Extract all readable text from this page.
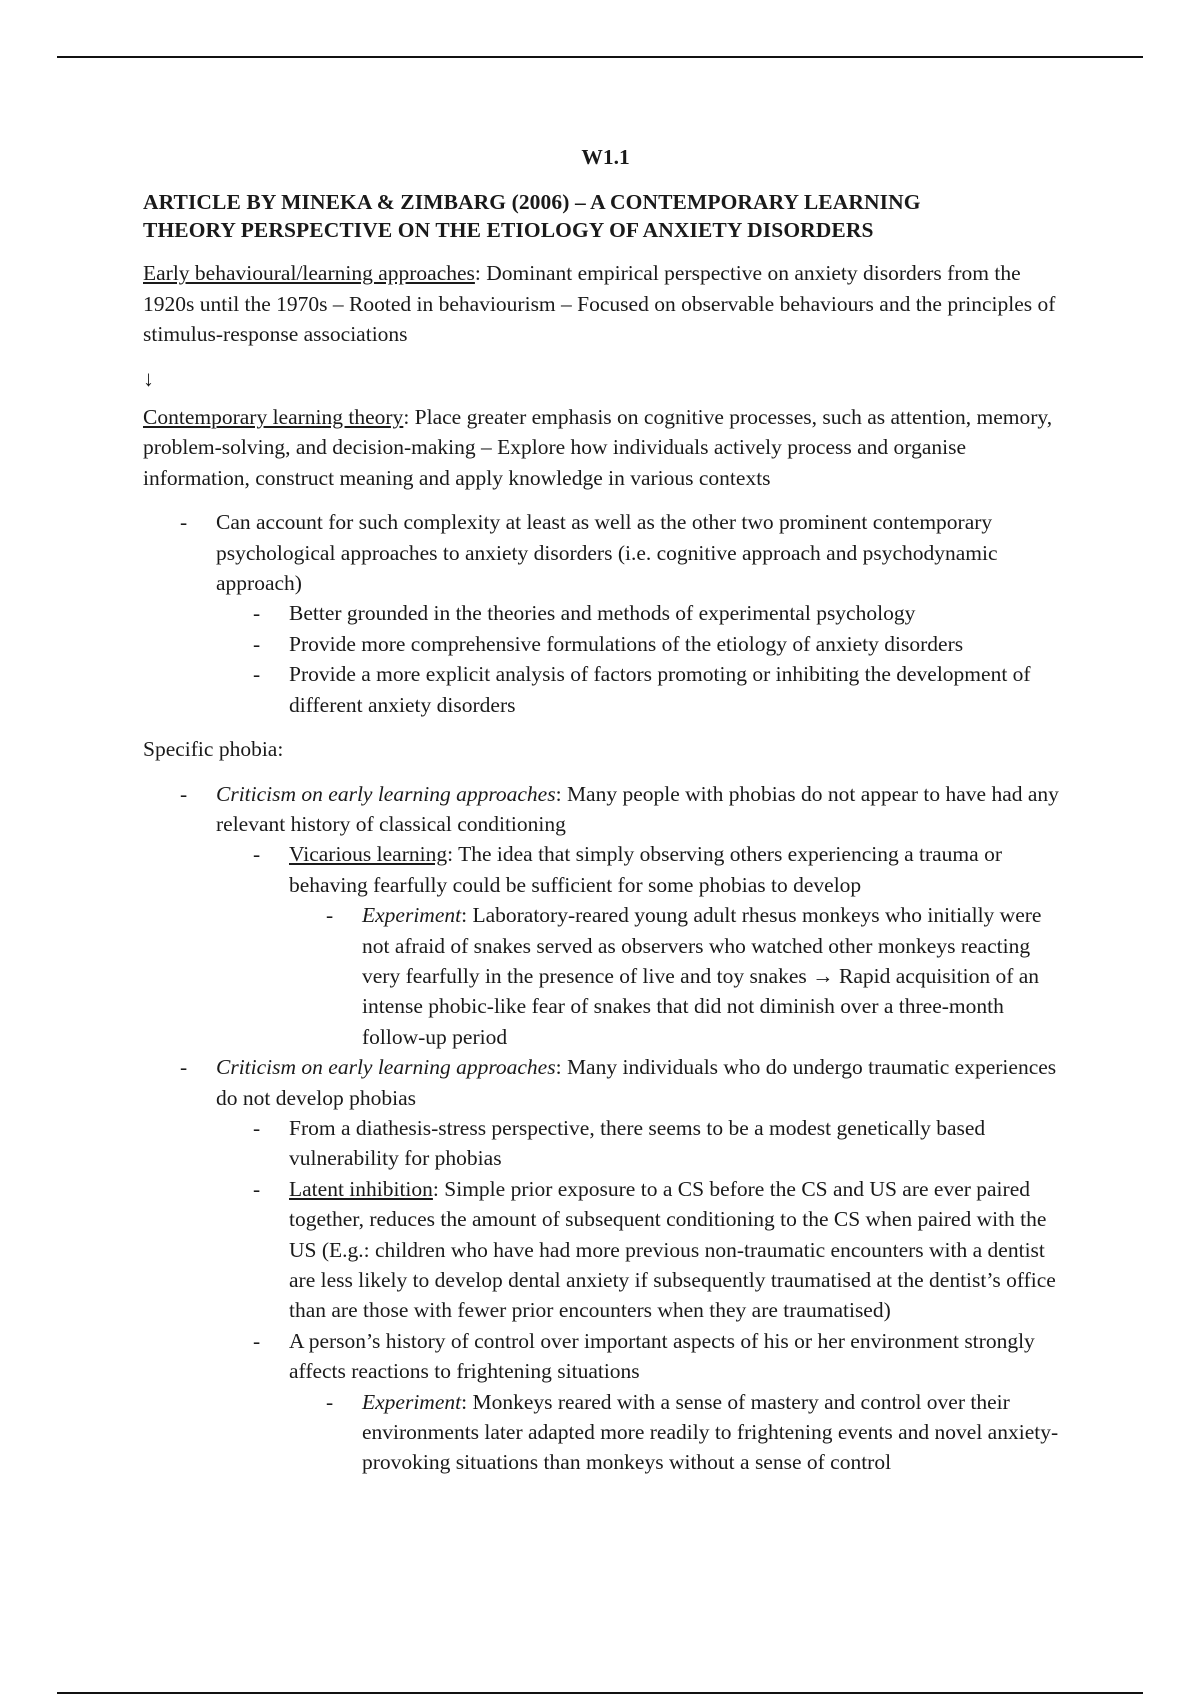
W1.1
ARTICLE BY MINEKA & ZIMBARG (2006) – A CONTEMPORARY LEARNING
THEORY PERSPECTIVE ON THE ETIOLOGY OF ANXIETY DISORDERS

Early behavioural/learning approaches: Dominant empirical perspective on anxiety disorders from the 1920s until the 1970s – Rooted in behaviourism – Focused on observable behaviours and the principles of stimulus-response associations

↓

Contemporary learning theory: Place greater emphasis on cognitive processes, such as attention, memory, problem-solving, and decision-making – Explore how individuals actively process and organise information, construct meaning and apply knowledge in various contexts

- Can account for such complexity at least as well as the other two prominent contemporary psychological approaches to anxiety disorders (i.e. cognitive approach and psychodynamic approach)
- Better grounded in the theories and methods of experimental psychology
- Provide more comprehensive formulations of the etiology of anxiety disorders
- Provide a more explicit analysis of factors promoting or inhibiting the development of different anxiety disorders

Specific phobia:

- Criticism on early learning approaches: Many people with phobias do not appear to have had any relevant history of classical conditioning
- Vicarious learning: The idea that simply observing others experiencing a trauma or behaving fearfully could be sufficient for some phobias to develop
- Experiment: Laboratory-reared young adult rhesus monkeys who initially were not afraid of snakes served as observers who watched other monkeys reacting very fearfully in the presence of live and toy snakes → Rapid acquisition of an intense phobic-like fear of snakes that did not diminish over a three-month follow-up period
- Criticism on early learning approaches: Many individuals who do undergo traumatic experiences do not develop phobias
- From a diathesis-stress perspective, there seems to be a modest genetically based vulnerability for phobias
- Latent inhibition: Simple prior exposure to a CS before the CS and US are ever paired together, reduces the amount of subsequent conditioning to the CS when paired with the US (E.g.: children who have had more previous non-traumatic encounters with a dentist are less likely to develop dental anxiety if subsequently traumatised at the dentist’s office than are those with fewer prior encounters when they are traumatised)
- A person’s history of control over important aspects of his or her environment strongly affects reactions to frightening situations
- Experiment: Monkeys reared with a sense of mastery and control over their environments later adapted more readily to frightening events and novel anxiety-provoking situations than monkeys without a sense of control
